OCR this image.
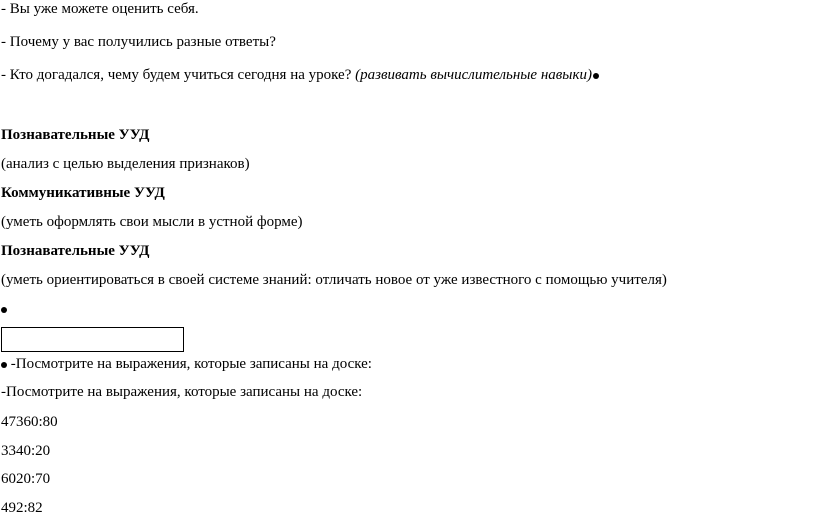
- Вы уже можете оценить себя.
- Почему у вас получились разные ответы?
- Кто догадался, чему будем учиться сегодня на уроке? (развивать вычислительные навыки)
Познавательные УУД
(анализ с целью выделения признаков)
Коммуникативные УУД
(уметь оформлять свои мысли в устной форме)
Познавательные УУД
(уметь ориентироваться в своей системе знаний: отличать новое от уже известного с помощью учителя)
-Посмотрите на выражения, которые записаны на доске:
-Посмотрите на выражения, которые записаны на доске:
47360:80
3340:20
6020:70
492:82
